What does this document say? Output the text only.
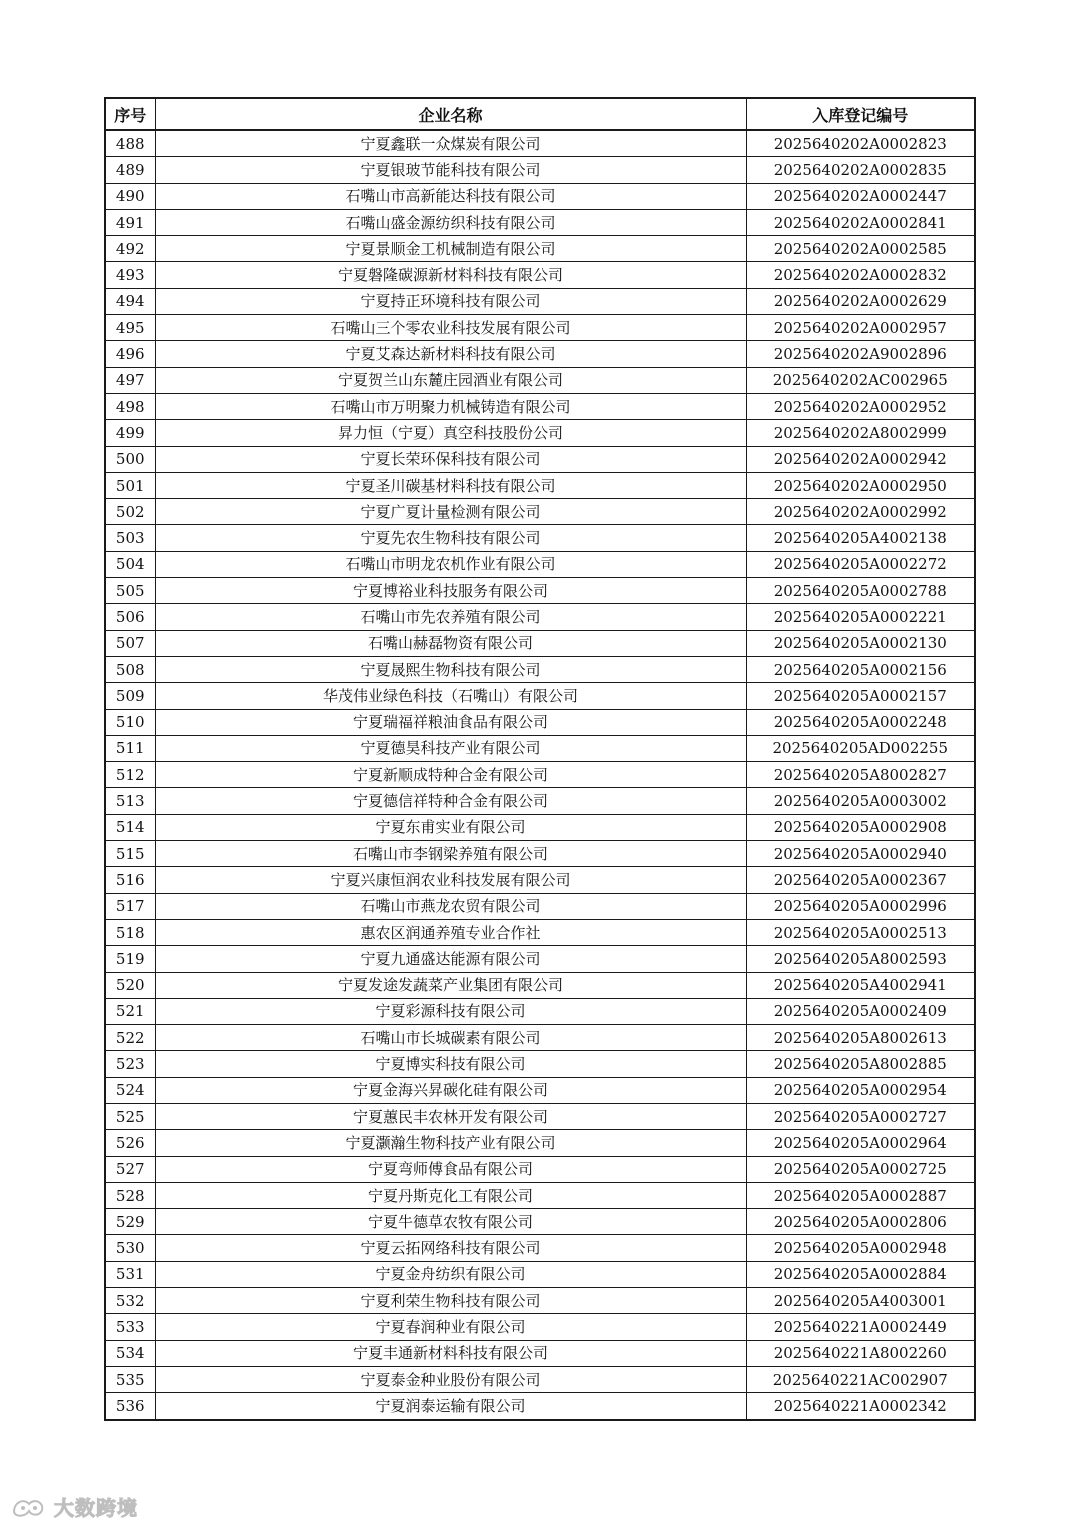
序号	企业名称	入库登记编号
488	宁夏鑫联一众煤炭有限公司	2025640202A0002823
489	宁夏银玻节能科技有限公司	2025640202A0002835
490	石嘴山市高新能达科技有限公司	2025640202A0002447
491	石嘴山盛金源纺织科技有限公司	2025640202A0002841
492	宁夏景顺金工机械制造有限公司	2025640202A0002585
493	宁夏磐隆碳源新材料科技有限公司	2025640202A0002832
494	宁夏持正环境科技有限公司	2025640202A0002629
495	石嘴山三个零农业科技发展有限公司	2025640202A0002957
496	宁夏艾森达新材料科技有限公司	2025640202A9002896
497	宁夏贺兰山东麓庄园酒业有限公司	2025640202AC002965
498	石嘴山市万明聚力机械铸造有限公司	2025640202A0002952
499	昇力恒（宁夏）真空科技股份公司	2025640202A8002999
500	宁夏长荣环保科技有限公司	2025640202A0002942
501	宁夏圣川碳基材料科技有限公司	2025640202A0002950
502	宁夏广夏计量检测有限公司	2025640202A0002992
503	宁夏先农生物科技有限公司	2025640205A4002138
504	石嘴山市明龙农机作业有限公司	2025640205A0002272
505	宁夏博裕业科技服务有限公司	2025640205A0002788
506	石嘴山市先农养殖有限公司	2025640205A0002221
507	石嘴山赫磊物资有限公司	2025640205A0002130
508	宁夏晟熙生物科技有限公司	2025640205A0002156
509	华茂伟业绿色科技（石嘴山）有限公司	2025640205A0002157
510	宁夏瑞福祥粮油食品有限公司	2025640205A0002248
511	宁夏德昊科技产业有限公司	2025640205AD002255
512	宁夏新顺成特种合金有限公司	2025640205A8002827
513	宁夏德信祥特种合金有限公司	2025640205A0003002
514	宁夏东甫实业有限公司	2025640205A0002908
515	石嘴山市李钢梁养殖有限公司	2025640205A0002940
516	宁夏兴康恒润农业科技发展有限公司	2025640205A0002367
517	石嘴山市燕龙农贸有限公司	2025640205A0002996
518	惠农区润通养殖专业合作社	2025640205A0002513
519	宁夏九通盛达能源有限公司	2025640205A8002593
520	宁夏发途发蔬菜产业集团有限公司	2025640205A4002941
521	宁夏彩源科技有限公司	2025640205A0002409
522	石嘴山市长城碳素有限公司	2025640205A8002613
523	宁夏博实科技有限公司	2025640205A8002885
524	宁夏金海兴昇碳化硅有限公司	2025640205A0002954
525	宁夏蕙民丰农林开发有限公司	2025640205A0002727
526	宁夏灏瀚生物科技产业有限公司	2025640205A0002964
527	宁夏弯师傅食品有限公司	2025640205A0002725
528	宁夏丹斯克化工有限公司	2025640205A0002887
529	宁夏牛德草农牧有限公司	2025640205A0002806
530	宁夏云拓网络科技有限公司	2025640205A0002948
531	宁夏金舟纺织有限公司	2025640205A0002884
532	宁夏利荣生物科技有限公司	2025640205A4003001
533	宁夏春润种业有限公司	2025640221A0002449
534	宁夏丰通新材料科技有限公司	2025640221A8002260
535	宁夏泰金种业股份有限公司	2025640221AC002907
536	宁夏润泰运输有限公司	2025640221A0002342
大数跨境
